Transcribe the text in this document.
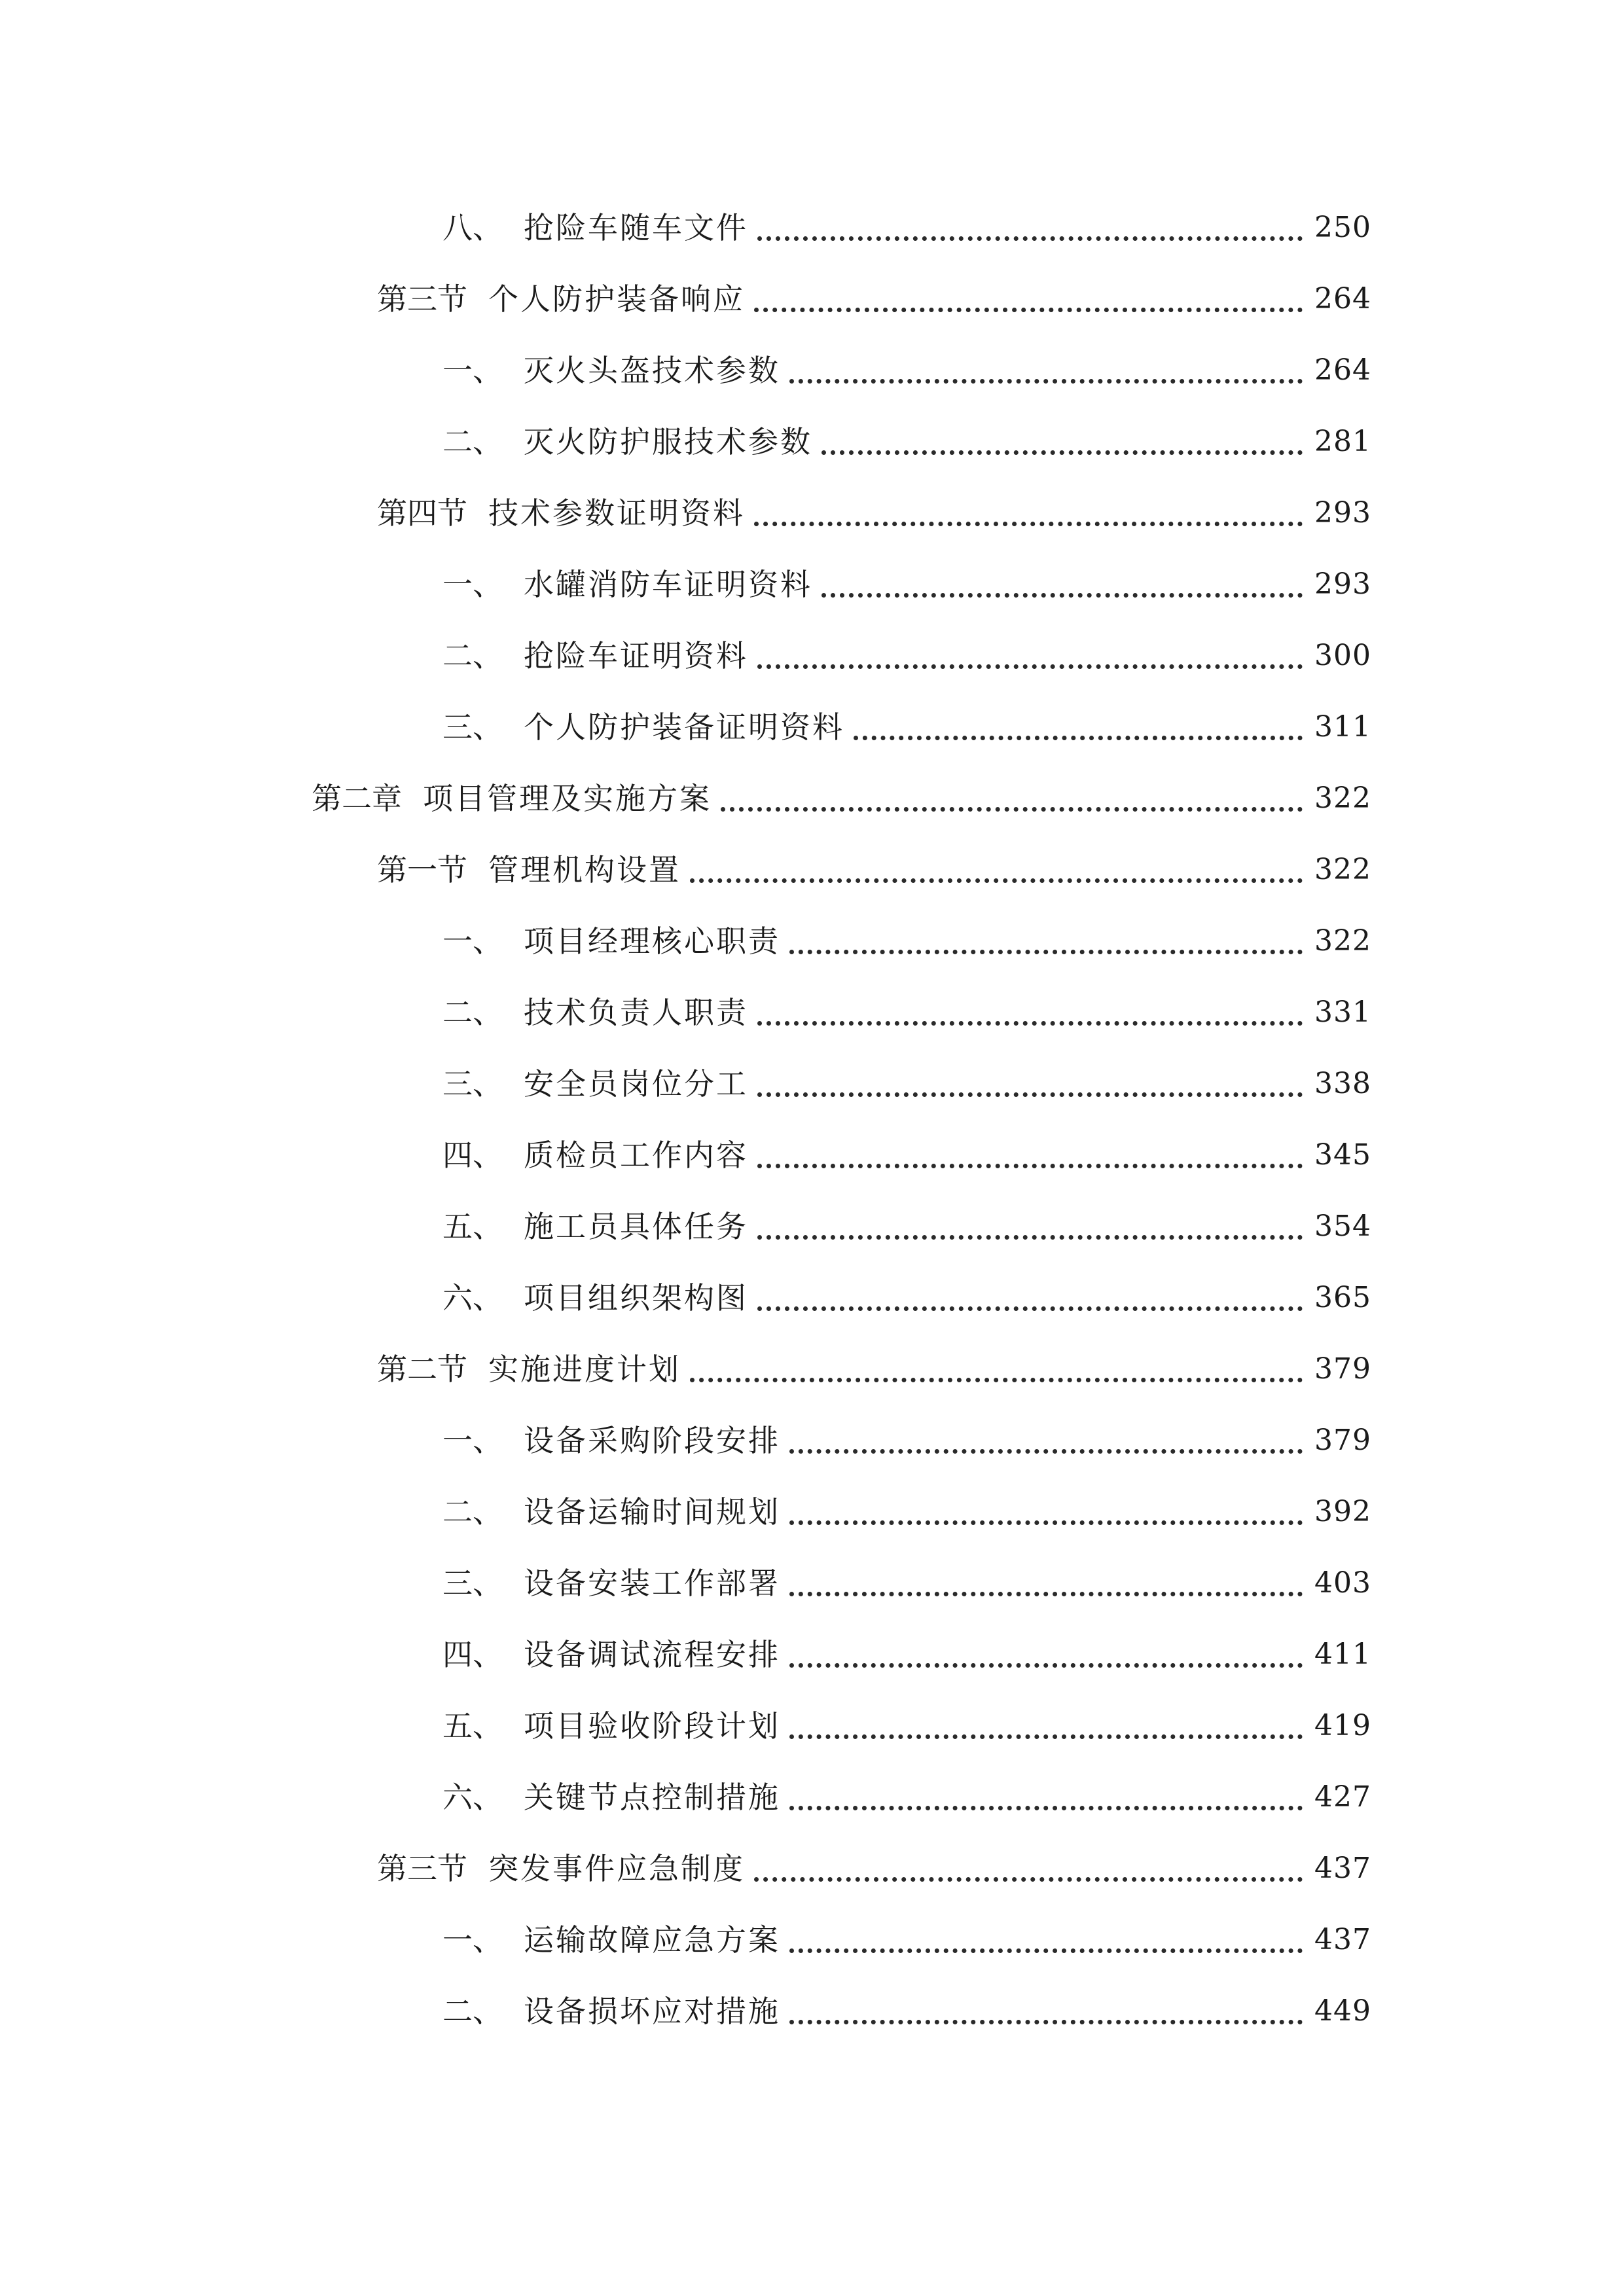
八、 抢险车随车文件	250
第三节 个人防护装备响应	264
一、 灭火头盔技术参数	264
二、 灭火防护服技术参数	281
第四节 技术参数证明资料	293
一、 水罐消防车证明资料	293
二、 抢险车证明资料	300
三、 个人防护装备证明资料	311
第二章 项目管理及实施方案	322
第一节 管理机构设置	322
一、 项目经理核心职责	322
二、 技术负责人职责	331
三、 安全员岗位分工	338
四、 质检员工作内容	345
五、 施工员具体任务	354
六、 项目组织架构图	365
第二节 实施进度计划	379
一、 设备采购阶段安排	379
二、 设备运输时间规划	392
三、 设备安装工作部署	403
四、 设备调试流程安排	411
五、 项目验收阶段计划	419
六、 关键节点控制措施	427
第三节 突发事件应急制度	437
一、 运输故障应急方案	437
二、 设备损坏应对措施	449
